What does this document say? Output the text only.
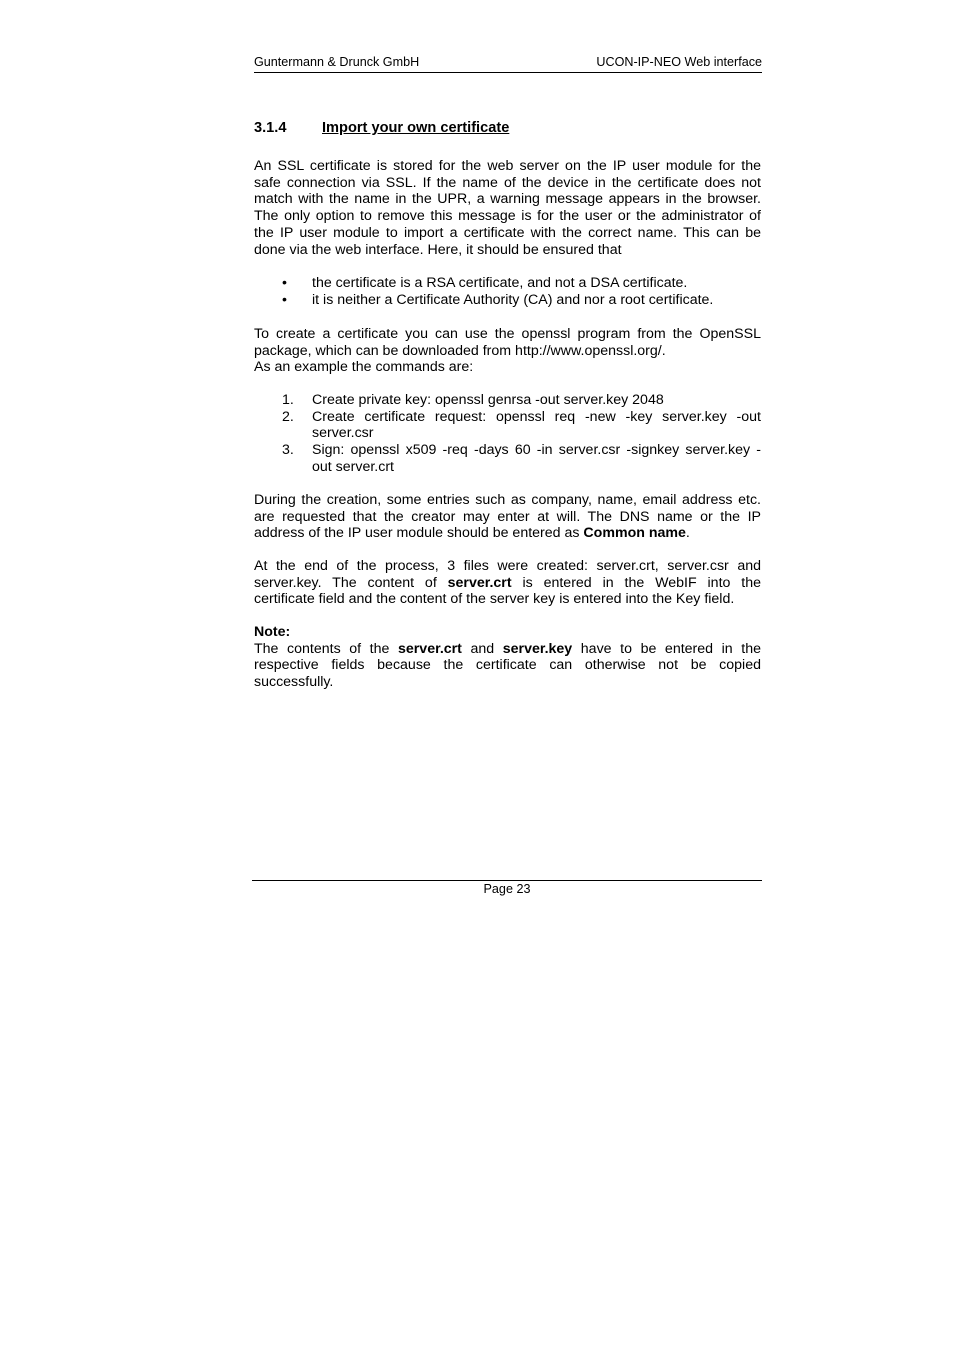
Guntermann & Drunck GmbH	UCON-IP-NEO Web interface
3.1.4 Import your own certificate

An SSL certificate is stored for the web server on the IP user module for the
safe connection via SSL. If the name of the device in the certificate does not
match with the name in the UPR, a warning message appears in the browser.
The only option to remove this message is for the user or the administrator of
the IP user module to import a certificate with the correct name. This can be
done via the web interface. Here, it should be ensured that

• the certificate is a RSA certificate, and not a DSA certificate.
• it is neither a Certificate Authority (CA) and nor a root certificate.

To create a certificate you can use the openssl program from the OpenSSL
package, which can be downloaded from http://www.openssl.org/.
As an example the commands are:

1. Create private key: openssl genrsa -out server.key 2048
2. Create certificate request: openssl req -new -key server.key -out
server.csr
3. Sign: openssl x509 -req -days 60 -in server.csr -signkey server.key -
out server.crt

During the creation, some entries such as company, name, email address etc.
are requested that the creator may enter at will. The DNS name or the IP
address of the IP user module should be entered as Common name.

At the end of the process, 3 files were created: server.crt, server.csr and
server.key. The content of server.crt is entered in the WebIF into the
certificate field and the content of the server key is entered into the Key field.

Note:
The contents of the server.crt and server.key have to be entered in the
respective fields because the certificate can otherwise not be copied
successfully.

Page 23
